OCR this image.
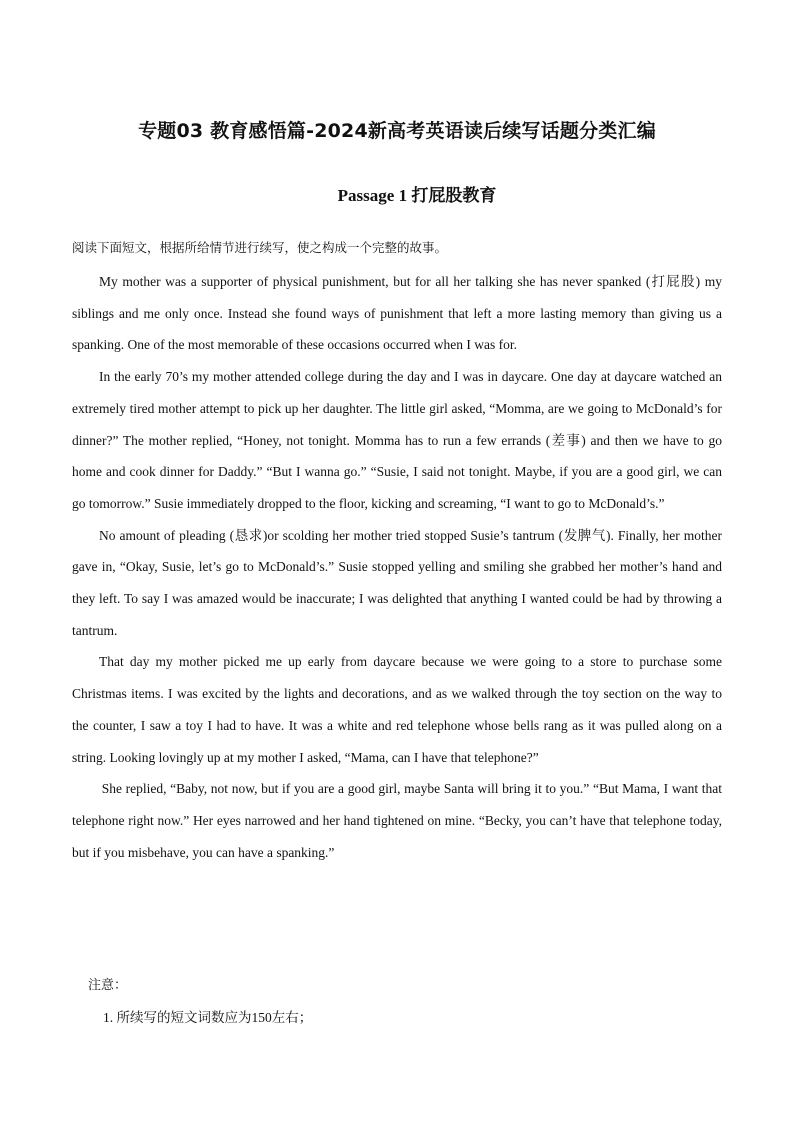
专题03 教育感悟篇-2024新高考英语读后续写话题分类汇编
Passage 1 打屁股教育
阅读下面短文，根据所给情节进行续写，使之构成一个完整的故事。

My mother was a supporter of physical punishment, but for all her talking she has never spanked (打屁股) my siblings and me only once. Instead she found ways of punishment that left a more lasting memory than giving us a spanking. One of the most memorable of these occasions occurred when I was for.

In the early 70’s my mother attended college during the day and I was in daycare. One day at daycare watched an extremely tired mother attempt to pick up her daughter. The little girl asked, “Momma, are we going to McDonald’s for dinner?” The mother replied, “Honey, not tonight. Momma has to run a few errands (差事) and then we have to go home and cook dinner for Daddy.” “But I wanna go.” “Susie, I said not tonight. Maybe, if you are a good girl, we can go tomorrow.” Susie immediately dropped to the floor, kicking and screaming, “I want to go to McDonald’s.”

No amount of pleading (恳求)or scolding her mother tried stopped Susie’s tantrum (发脾气). Finally, her mother gave in, “Okay, Susie, let’s go to McDonald’s.” Susie stopped yelling and smiling she grabbed her mother’s hand and they left. To say I was amazed would be inaccurate; I was delighted that anything I wanted could be had by throwing a tantrum.

That day my mother picked me up early from daycare because we were going to a store to purchase some Christmas items. I was excited by the lights and decorations, and as we walked through the toy section on the way to the counter, I saw a toy I had to have. It was a white and red telephone whose bells rang as it was pulled along on a string. Looking lovingly up at my mother I asked, “Mama, can I have that telephone?”

She replied, “Baby, not now, but if you are a good girl, maybe Santa will bring it to you.” “But Mama, I want that telephone right now.” Her eyes narrowed and her hand tightened on mine. “Becky, you can’t have that telephone today, but if you misbehave, you can have a spanking.”

注意：
1. 所续写的短文词数应为150左右；
